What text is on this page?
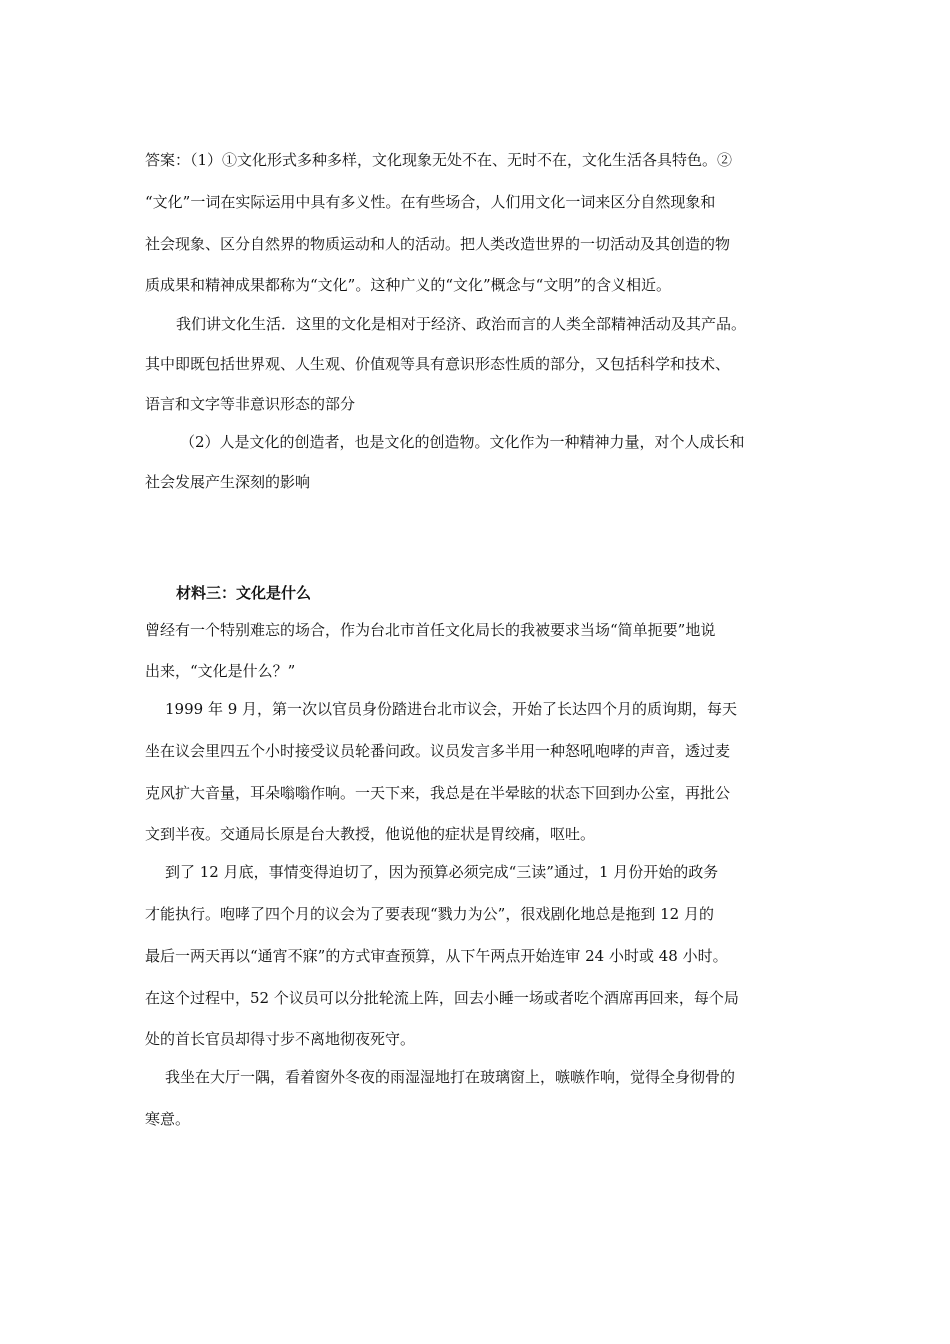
答案：（1）①文化形式多种多样，文化现象无处不在、无时不在，文化生活各具特色。②
“文化”一词在实际运用中具有多义性。在有些场合，人们用文化一词来区分自然现象和
社会现象、区分自然界的物质运动和人的活动。把人类改造世界的一切活动及其创造的物
质成果和精神成果都称为“文化”。这种广义的“文化”概念与“文明”的含义相近。
我们讲文化生活．这里的文化是相对于经济、政治而言的人类全部精神活动及其产品。
其中即既包括世界观、人生观、价值观等具有意识形态性质的部分，又包括科学和技术、
语言和文字等非意识形态的部分
（2）人是文化的创造者，也是文化的创造物。文化作为一种精神力量，对个人成长和
社会发展产生深刻的影响
材料三：文化是什么
曾经有一个特别难忘的场合，作为台北市首任文化局长的我被要求当场“简单扼要”地说
出来，“文化是什么？”
1999 年 9 月，第一次以官员身份踏进台北市议会，开始了长达四个月的质询期，每天
坐在议会里四五个小时接受议员轮番问政。议员发言多半用一种怒吼咆哮的声音，透过麦
克风扩大音量，耳朵嗡嗡作响。一天下来，我总是在半晕眩的状态下回到办公室，再批公
文到半夜。交通局长原是台大教授，他说他的症状是胃绞痛，呕吐。
到了 12 月底，事情变得迫切了，因为预算必须完成“三读”通过，1 月份开始的政务
才能执行。咆哮了四个月的议会为了要表现“戮力为公”，很戏剧化地总是拖到 12 月的
最后一两天再以“通宵不寐”的方式审查预算，从下午两点开始连审 24 小时或 48 小时。
在这个过程中，52 个议员可以分批轮流上阵，回去小睡一场或者吃个酒席再回来，每个局
处的首长官员却得寸步不离地彻夜死守。
我坐在大厅一隅，看着窗外冬夜的雨湿湿地打在玻璃窗上，嗾嗾作响，觉得全身彻骨的
寒意。
